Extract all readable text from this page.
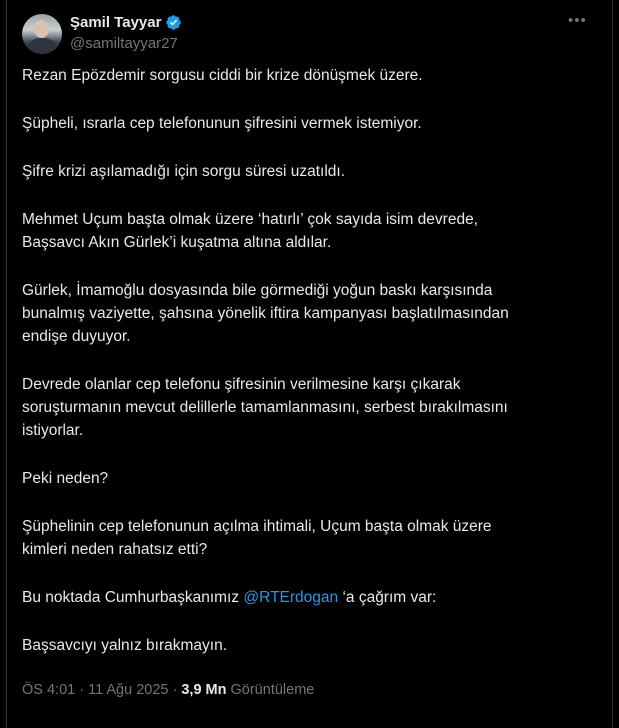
Şamil Tayyar
@samiltayyar27
•••

Rezan Epözdemir sorgusu ciddi bir krize dönüşmek üzere.

Şüpheli, ısrarla cep telefonunun şifresini vermek istemiyor.

Şifre krizi aşılamadığı için sorgu süresi uzatıldı.

Mehmet Uçum başta olmak üzere ‘hatırlı’ çok sayıda isim devrede,
Başsavcı Akın Gürlek’i kuşatma altına aldılar.

Gürlek, İmamoğlu dosyasında bile görmediği yoğun baskı karşısında
bunalmış vaziyette, şahsına yönelik iftira kampanyası başlatılmasından
endişe duyuyor.

Devrede olanlar cep telefonu şifresinin verilmesine karşı çıkarak
soruşturmanın mevcut delillerle tamamlanmasını, serbest bırakılmasını
istiyorlar.

Peki neden?

Şüphelinin cep telefonunun açılma ihtimali, Uçum başta olmak üzere
kimleri neden rahatsız etti?

Bu noktada Cumhurbaşkanımız @RTErdogan ‘a çağrım var:

Başsavcıyı yalnız bırakmayın.

ÖS 4:01 · 11 Ağu 2025 · 3,9 Mn Görüntüleme
